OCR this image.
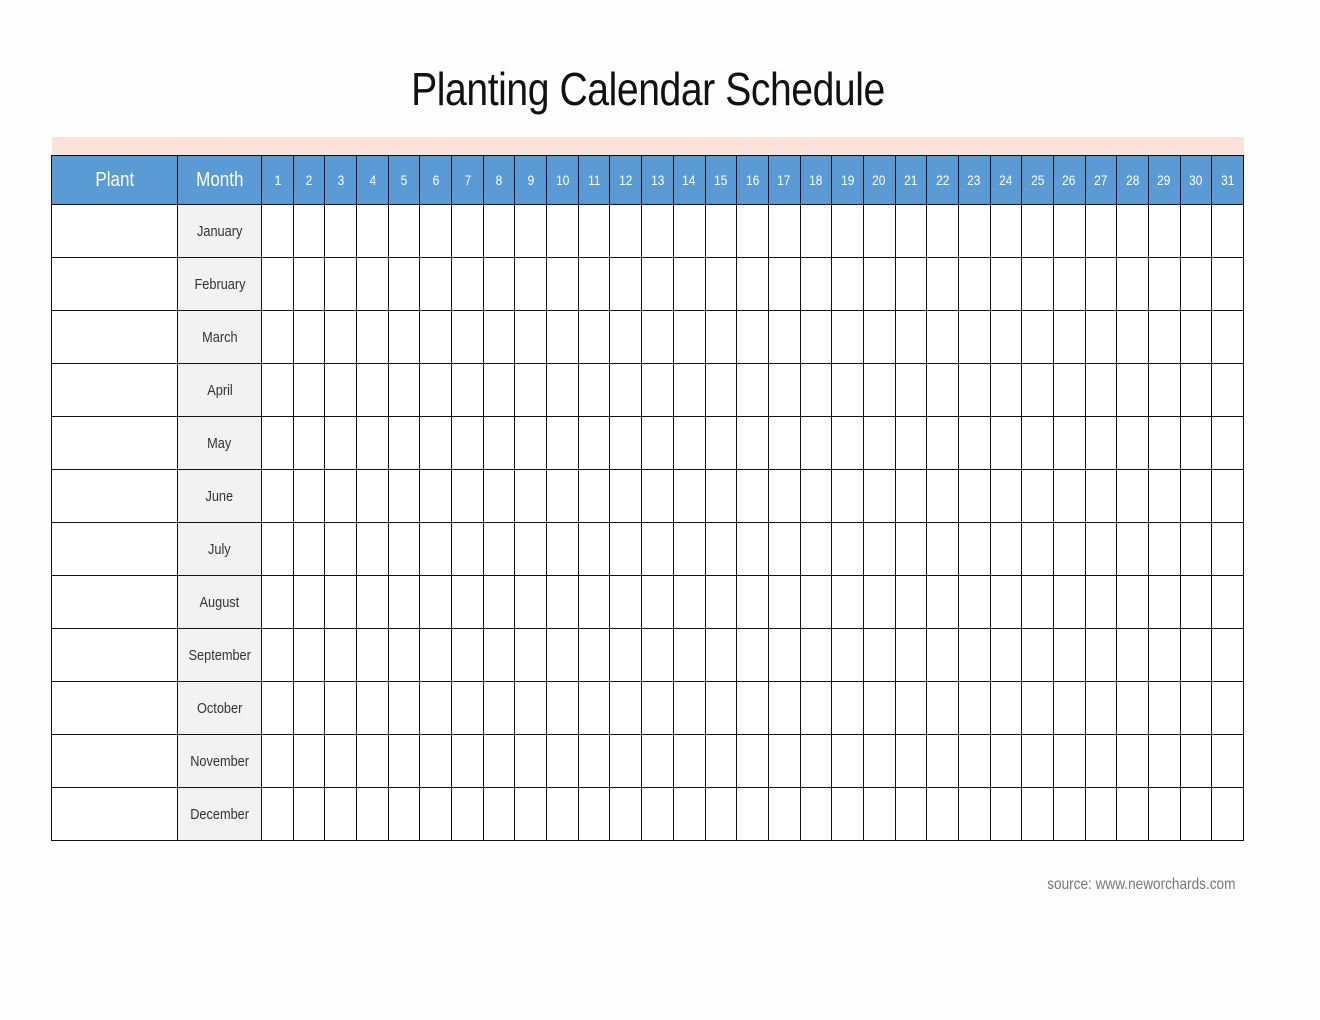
Planting Calendar Schedule
Plant	Month	1	2	3	4	5	6	7	8	9	10	11	12	13	14	15	16	17	18	19	20	21	22	23	24	25	26	27	28	29	30	31
	January																															
	February																															
	March																															
	April																															
	May																															
	June																															
	July																															
	August																															
	September																															
	October																															
	November																															
	December																															
source: www.neworchards.com
